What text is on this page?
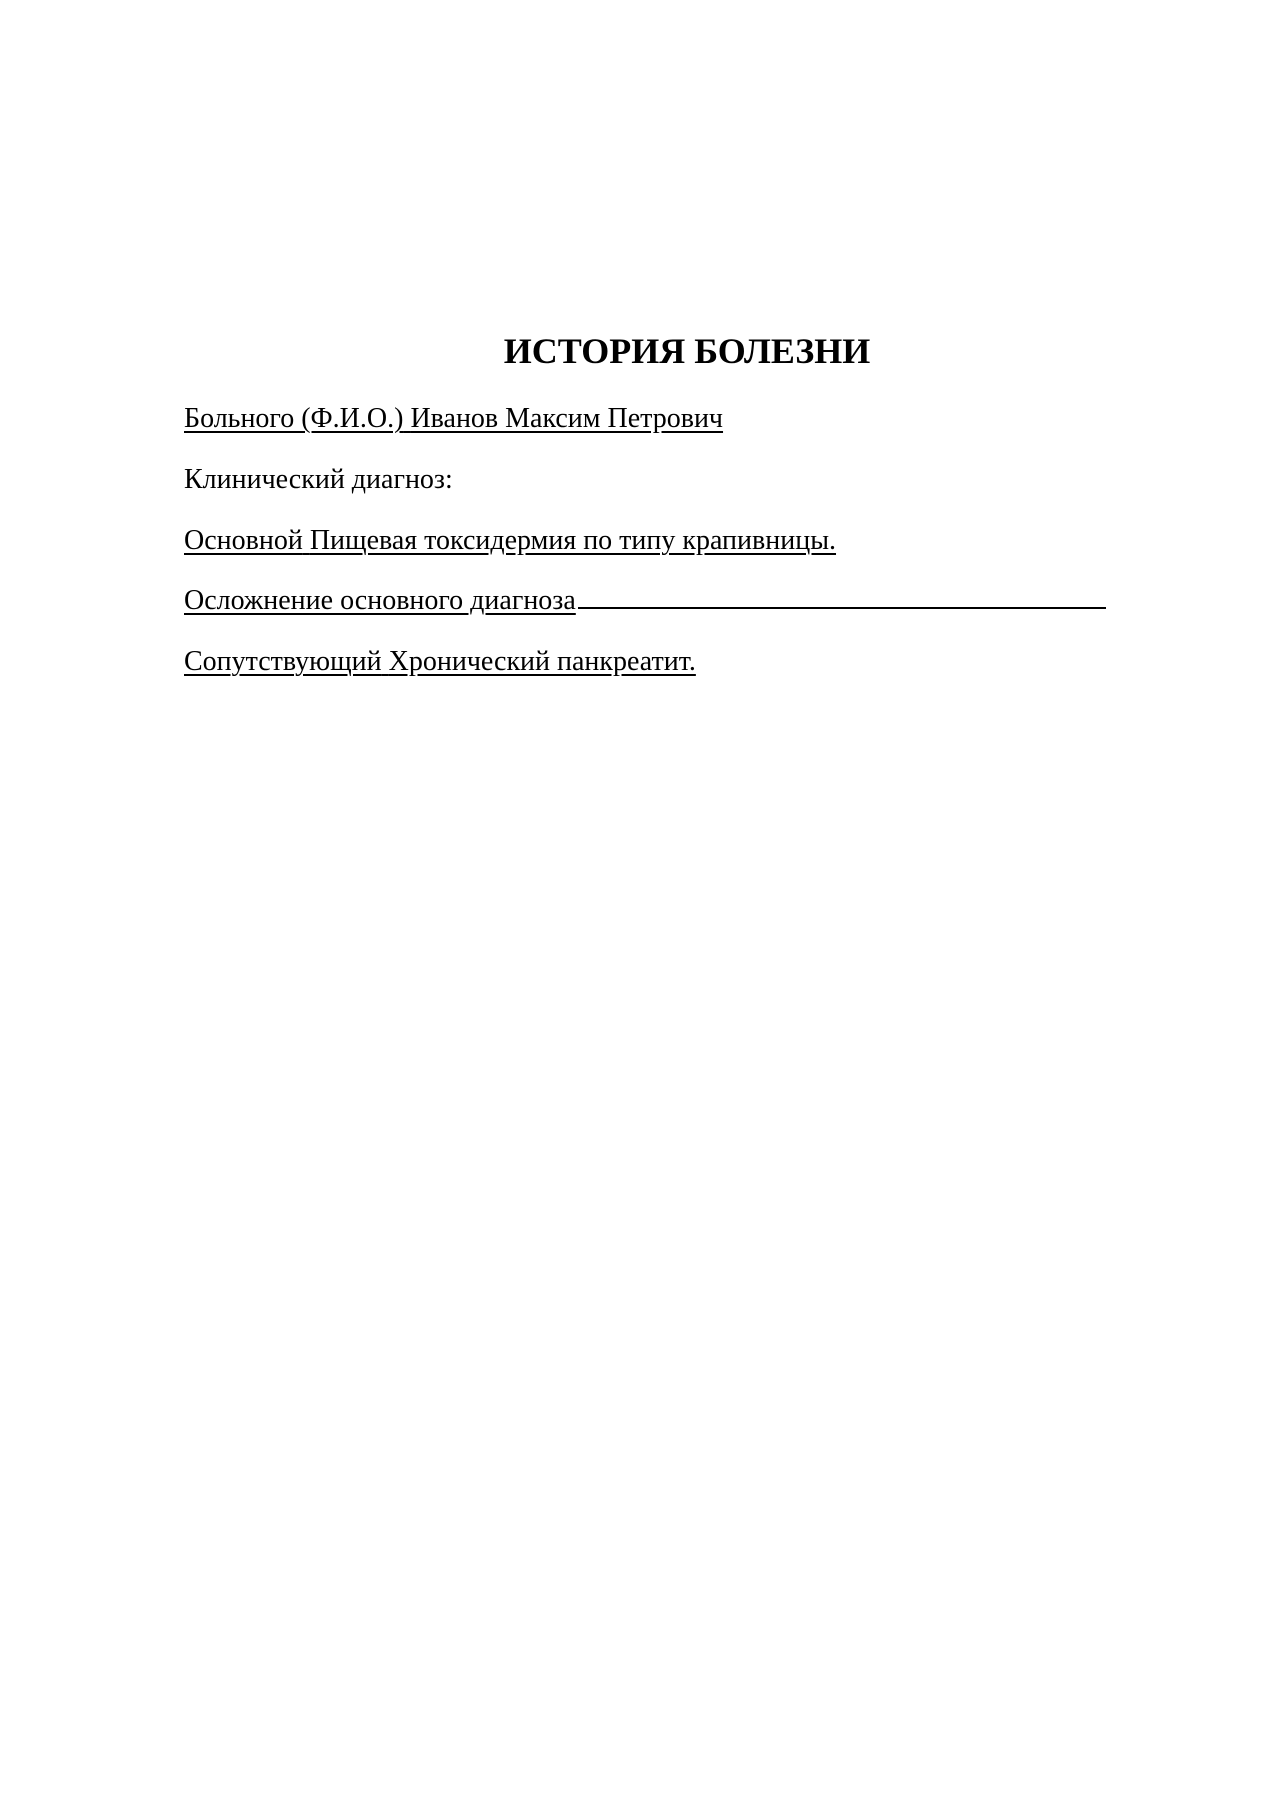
ИСТОРИЯ БОЛЕЗНИ

Больного (Ф.И.О.) Иванов Максим Петрович

Клинический диагноз:

Основной Пищевая токсидермия по типу крапивницы.

Осложнение основного диагноза

Сопутствующий Хронический панкреатит.
